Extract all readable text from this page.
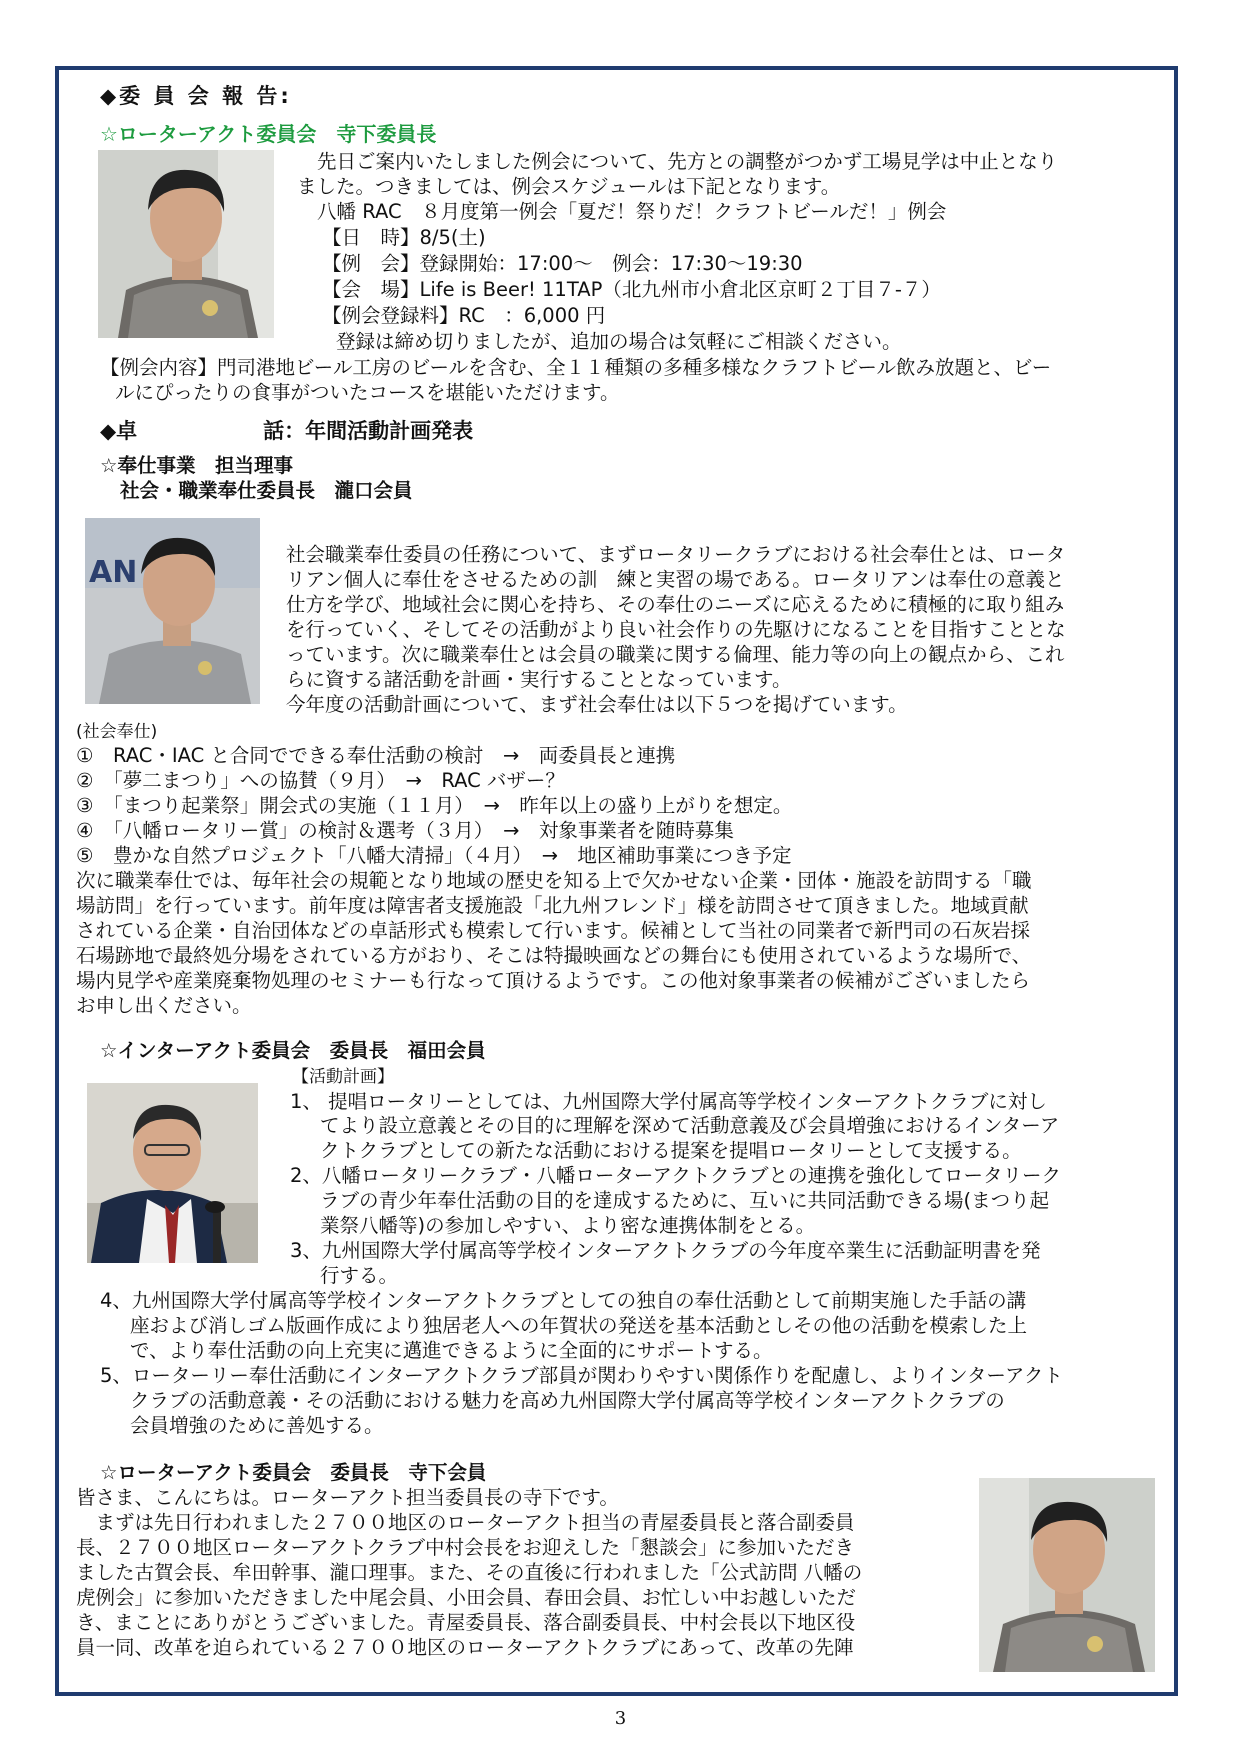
◆委 員 会 報 告:
☆ローターアクト委員会　寺下委員長
先日ご案内いたしました例会について、先方との調整がつかず工場見学は中止となり
ました。つきましては、例会スケジュールは下記となります。
八幡 RAC　８月度第一例会「夏だ！祭りだ！クラフトビールだ！」例会
【日　時】8/5(土)
【例　会】登録開始：17:00～　例会：17:30～19:30
【会　場】Life is Beer! 11TAP（北九州市小倉北区京町２丁目７-７）
【例会登録料】RC　：6,000 円
登録は締め切りましたが、追加の場合は気軽にご相談ください。
【例会内容】門司港地ビール工房のビールを含む、全１１種類の多種多様なクラフトビール飲み放題と、ビー
ルにぴったりの食事がついたコースを堪能いただけます。
◆卓　　　　　　話：年間活動計画発表
☆奉仕事業　担当理事
社会・職業奉仕委員長　瀧口会員
AN
社会職業奉仕委員の任務について、まずロータリークラブにおける社会奉仕とは、ロータ
リアン個人に奉仕をさせるための訓　練と実習の場である。ロータリアンは奉仕の意義と
仕方を学び、地域社会に関心を持ち、その奉仕のニーズに応えるために積極的に取り組み
を行っていく、そしてその活動がより良い社会作りの先駆けになることを目指すこととな
っています。次に職業奉仕とは会員の職業に関する倫理、能力等の向上の観点から、これ
らに資する諸活動を計画・実行することとなっています。
今年度の活動計画について、まず社会奉仕は以下５つを掲げています。
(社会奉仕)
①　RAC・IAC と合同でできる奉仕活動の検討　→　両委員長と連携
②　「夢二まつり」への協賛（９月）　→　RAC バザー？
③　「まつり起業祭」開会式の実施（１１月）　→　昨年以上の盛り上がりを想定。
④　「八幡ロータリー賞」の検討＆選考（３月）　→　対象事業者を随時募集
⑤　豊かな自然プロジェクト「八幡大清掃」（４月）　→　地区補助事業につき予定
次に職業奉仕では、毎年社会の規範となり地域の歴史を知る上で欠かせない企業・団体・施設を訪問する「職
場訪問」を行っています。前年度は障害者支援施設「北九州フレンド」様を訪問させて頂きました。地域貢献
されている企業・自治団体などの卓話形式も模索して行います。候補として当社の同業者で新門司の石灰岩採
石場跡地で最終処分場をされている方がおり、そこは特撮映画などの舞台にも使用されているような場所で、
場内見学や産業廃棄物処理のセミナーも行なって頂けるようです。この他対象事業者の候補がございましたら
お申し出ください。
☆インターアクト委員会　委員長　福田会員
【活動計画】
1、 提唱ロータリーとしては、九州国際大学付属高等学校インターアクトクラブに対し
てより設立意義とその目的に理解を深めて活動意義及び会員増強におけるインターア
クトクラブとしての新たな活動における提案を提唱ロータリーとして支援する。
2、八幡ロータリークラブ・八幡ローターアクトクラブとの連携を強化してロータリーク
ラブの青少年奉仕活動の目的を達成するために、互いに共同活動できる場(まつり起
業祭八幡等)の参加しやすい、より密な連携体制をとる。
3、九州国際大学付属高等学校インターアクトクラブの今年度卒業生に活動証明書を発
行する。
4、九州国際大学付属高等学校インターアクトクラブとしての独自の奉仕活動として前期実施した手話の講
座および消しゴム版画作成により独居老人への年賀状の発送を基本活動としその他の活動を模索した上
で、より奉仕活動の向上充実に邁進できるように全面的にサポートする。
5、ローターリー奉仕活動にインターアクトクラブ部員が関わりやすい関係作りを配慮し、よりインターアクト
クラブの活動意義・その活動における魅力を高め九州国際大学付属高等学校インターアクトクラブの
会員増強のために善処する。
☆ローターアクト委員会　委員長　寺下会員
皆さま、こんにちは。ローターアクト担当委員長の寺下です。
　まずは先日行われました２７００地区のローターアクト担当の青屋委員長と落合副委員
長、２７００地区ローターアクトクラブ中村会長をお迎えした「懇談会」に参加いただき
ました古賀会長、牟田幹事、瀧口理事。また、その直後に行われました「公式訪問 八幡の
虎例会」に参加いただきました中尾会員、小田会員、春田会員、お忙しい中お越しいただ
き、まことにありがとうございました。青屋委員長、落合副委員長、中村会長以下地区役
員一同、改革を迫られている２７００地区のローターアクトクラブにあって、改革の先陣
3
